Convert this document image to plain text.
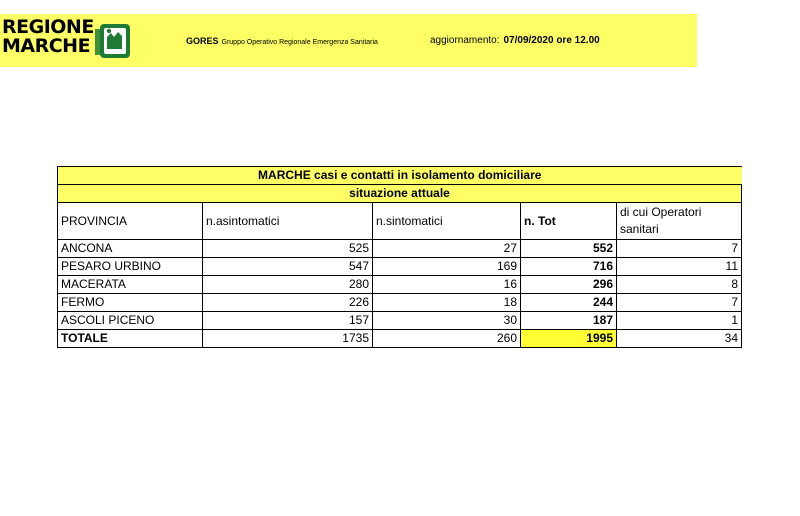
REGIONE
MARCHE	GORES Gruppo Operativo Regionale Emergenza Sanitaria	aggiornamento: 07/09/2020 ore 12.00
MARCHE casi e contatti in isolamento domiciliare				
situazione attuale				
PROVINCIA	n.asintomatici	n.sintomatici	n. Tot	di cui Operatori sanitari
ANCONA	525	27	552	7
PESARO URBINO	547	169	716	11
MACERATA	280	16	296	8
FERMO	226	18	244	7
ASCOLI PICENO	157	30	187	1
TOTALE	1735	260	1995	34
